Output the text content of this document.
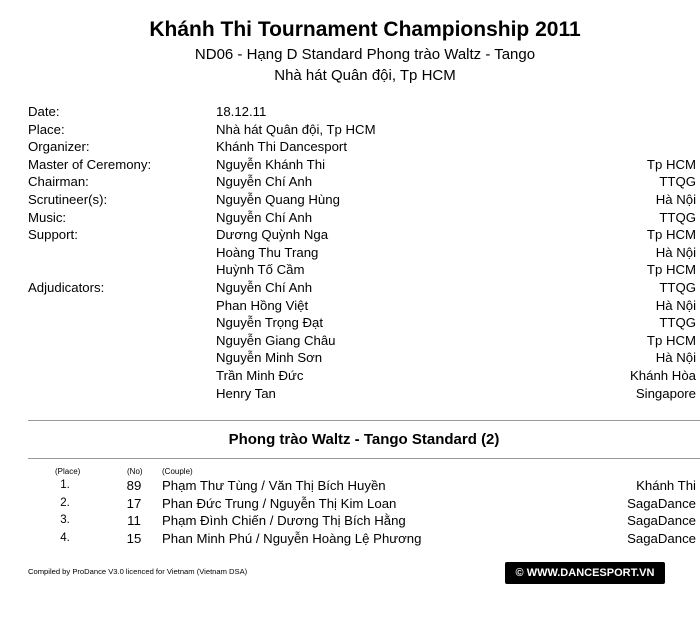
Khánh Thi Tournament Championship 2011
ND06 - Hạng D Standard Phong trào Waltz - Tango
Nhà hát Quân đội, Tp HCM
Date:	18.12.11
Place:	Nhà hát Quân đội, Tp HCM
Organizer:	Khánh Thi Dancesport
Master of Ceremony:	Nguyễn Khánh Thi	Tp HCM
Chairman:	Nguyễn Chí Anh	TTQG
Scrutineer(s):	Nguyễn Quang Hùng	Hà Nội
Music:	Nguyễn Chí Anh	TTQG
Support:	Dương Quỳnh Nga	Tp HCM
Hoàng Thu Trang	Hà Nội
Huỳnh Tố Cầm	Tp HCM
Adjudicators:	Nguyễn Chí Anh	TTQG
Phan Hồng Việt	Hà Nội
Nguyễn Trọng Đạt	TTQG
Nguyễn Giang Châu	Tp HCM
Nguyễn Minh Sơn	Hà Nội
Trần Minh Đức	Khánh Hòa
Henry Tan	Singapore
Phong trào Waltz - Tango Standard (2)
(Place)	(No) (Couple)
1.	89	Phạm Thư Tùng / Văn Thị Bích Huyền	Khánh Thi
2.	17	Phan Đức Trung / Nguyễn Thị Kim Loan	SagaDance
3.	11	Phạm Đình Chiến / Dương Thị Bích Hằng	SagaDance
4.	15	Phan Minh Phú / Nguyễn Hoàng Lệ Phương	SagaDance
Compiled by ProDance V3.0 licenced for Vietnam (Vietnam DSA)	© WWW.DANCESPORT.VN
